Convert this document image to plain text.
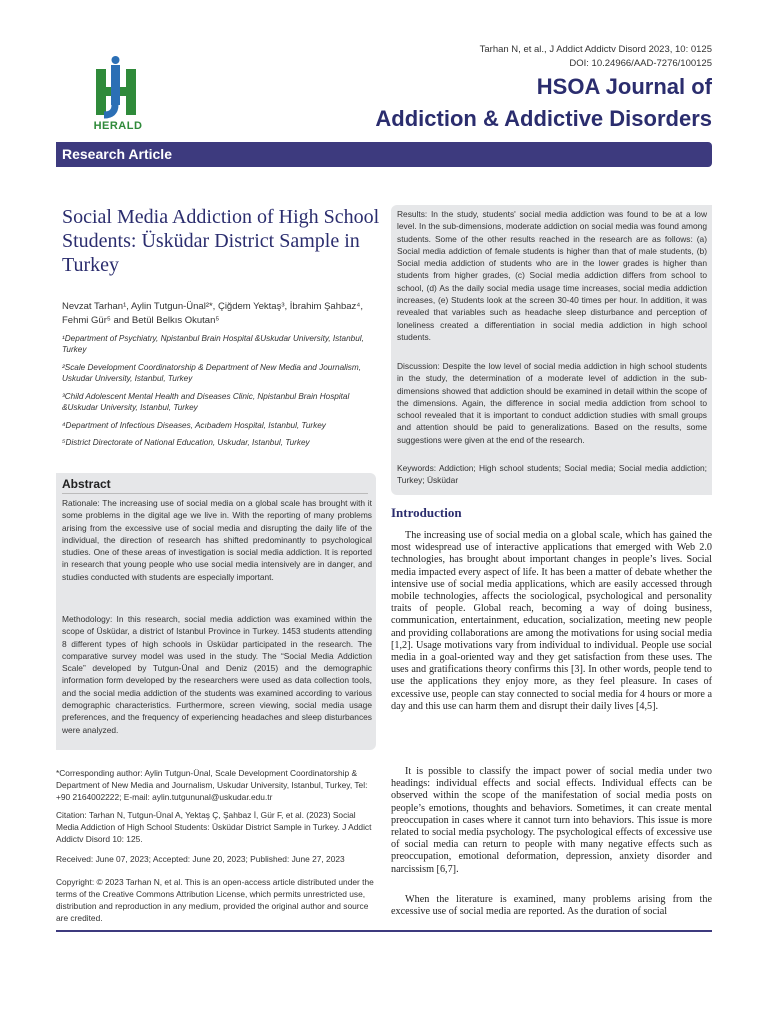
HERALD
Tarhan N, et al., J Addict Addictv Disord 2023, 10: 0125
DOI: 10.24966/AAD-7276/100125
HSOA Journal of
Addiction & Addictive Disorders
Research Article
Social Media Addiction of High School Students: Üsküdar District Sample in Turkey
Nevzat Tarhan¹, Aylin Tutgun-Ünal²*, Çiğdem Yektaş³, İbrahim Şahbaz⁴, Fehmi Gür⁵ and Betül Belkıs Okutan⁵
¹Department of Psychiatry, Npistanbul Brain Hospital &Uskudar University, Istanbul, Turkey
²Scale Development Coordinatorship & Department of New Media and Journalism, Uskudar University, Istanbul, Turkey
³Child Adolescent Mental Health and Diseases Clinic, Npistanbul Brain Hospital &Uskudar University, Istanbul, Turkey
⁴Department of Infectious Diseases, Acıbadem Hospital, Istanbul, Turkey
⁵District Directorate of National Education, Uskudar, Istanbul, Turkey
Abstract
Rationale: The increasing use of social media on a global scale has brought with it some problems in the digital age we live in. With the reporting of many problems arising from the excessive use of social media and disrupting the daily life of the individual, the direction of research has shifted predominantly to psychological studies. One of these areas of investigation is social media addiction. It is reported in research that young people who use social media intensively are in danger, and studies conducted with students are especially important.
Methodology: In this research, social media addiction was examined within the scope of Üsküdar, a district of Istanbul Province in Turkey. 1453 students attending 8 different types of high schools in Üsküdar participated in the research. The comparative survey model was used in the study. The “Social Media Addiction Scale” developed by Tutgun-Ünal and Deniz (2015) and the demographic information form developed by the researchers were used as data collection tools, and the social media addiction of the students was examined according to various demographic characteristics. Furthermore, screen viewing, social media usage preferences, and the frequency of experiencing headaches and sleep disturbances were analyzed.
*Corresponding author: Aylin Tutgun-Ünal, Scale Development Coordinatorship & Department of New Media and Journalism, Uskudar University, Istanbul, Turkey, Tel: +90 2164002222; E-mail: aylin.tutgununal@uskudar.edu.tr
Citation: Tarhan N, Tutgun-Ünal A, Yektaş Ç, Şahbaz İ, Gür F, et al. (2023) Social Media Addiction of High School Students: Üsküdar District Sample in Turkey. J Addict Addictv Disord 10: 125.
Received: June 07, 2023; Accepted: June 20, 2023; Published: June 27, 2023
Copyright: © 2023 Tarhan N, et al. This is an open-access article distributed under the terms of the Creative Commons Attribution License, which permits unrestricted use, distribution and reproduction in any medium, provided the original author and source are credited.
Results: In the study, students' social media addiction was found to be at a low level. In the sub-dimensions, moderate addiction on social media was found among students. Some of the other results reached in the research are as follows: (a) Social media addiction of female students is higher than that of male students, (b) Social media addiction of students who are in the lower grades is higher than students from higher grades, (c) Social media addiction differs from school to school, (d) As the daily social media usage time increases, social media addiction increases, (e) Students look at the screen 30-40 times per hour. In addition, it was revealed that variables such as headache sleep disturbance and perception of loneliness created a differentiation in social media addiction in high school students.
Discussion: Despite the low level of social media addiction in high school students in the study, the determination of a moderate level of addiction in the sub-dimensions showed that addiction should be examined in detail within the scope of the dimensions. Again, the difference in social media addiction from school to school revealed that it is important to conduct addiction studies with small groups and attention should be paid to generalizations. Based on the results, some suggestions were given at the end of the research.
Keywords: Addiction; High school students; Social media; Social media addiction; Turkey; Üsküdar
Introduction
The increasing use of social media on a global scale, which has gained the most widespread use of interactive applications that emerged with Web 2.0 technologies, has brought about important changes in people’s lives. Social media impacted every aspect of life. It has been a matter of debate whether the intensive use of social media applications, which are easily accessed through mobile technologies, affects the sociological, psychological and personality traits of people. Global reach, becoming a way of doing business, communication, entertainment, education, socialization, meeting new people and providing collaborations are among the motivations for using social media [1,2]. Usage motivations vary from individual to individual. People use social media in a goal-oriented way and they get satisfaction from these uses. The uses and gratifications theory confirms this [3]. In other words, people tend to use the applications they enjoy more, as they feel pleasure. In cases of excessive use, people can stay connected to social media for 4 hours or more a day and this use can harm them and disrupt their daily lives [4,5].
It is possible to classify the impact power of social media under two headings: individual effects and social effects. Individual effects can be observed within the scope of the manifestation of social media posts on people’s emotions, thoughts and behaviors. Sometimes, it can create mental preoccupation in cases where it cannot turn into behaviors. This issue is more related to social media psychology. The psychological effects of excessive use of social media can return to people with many negative effects such as preoccupation, emotional deformation, depression, anxiety disorder and narcissism [6,7].
When the literature is examined, many problems arising from the excessive use of social media are reported. As the duration of social
